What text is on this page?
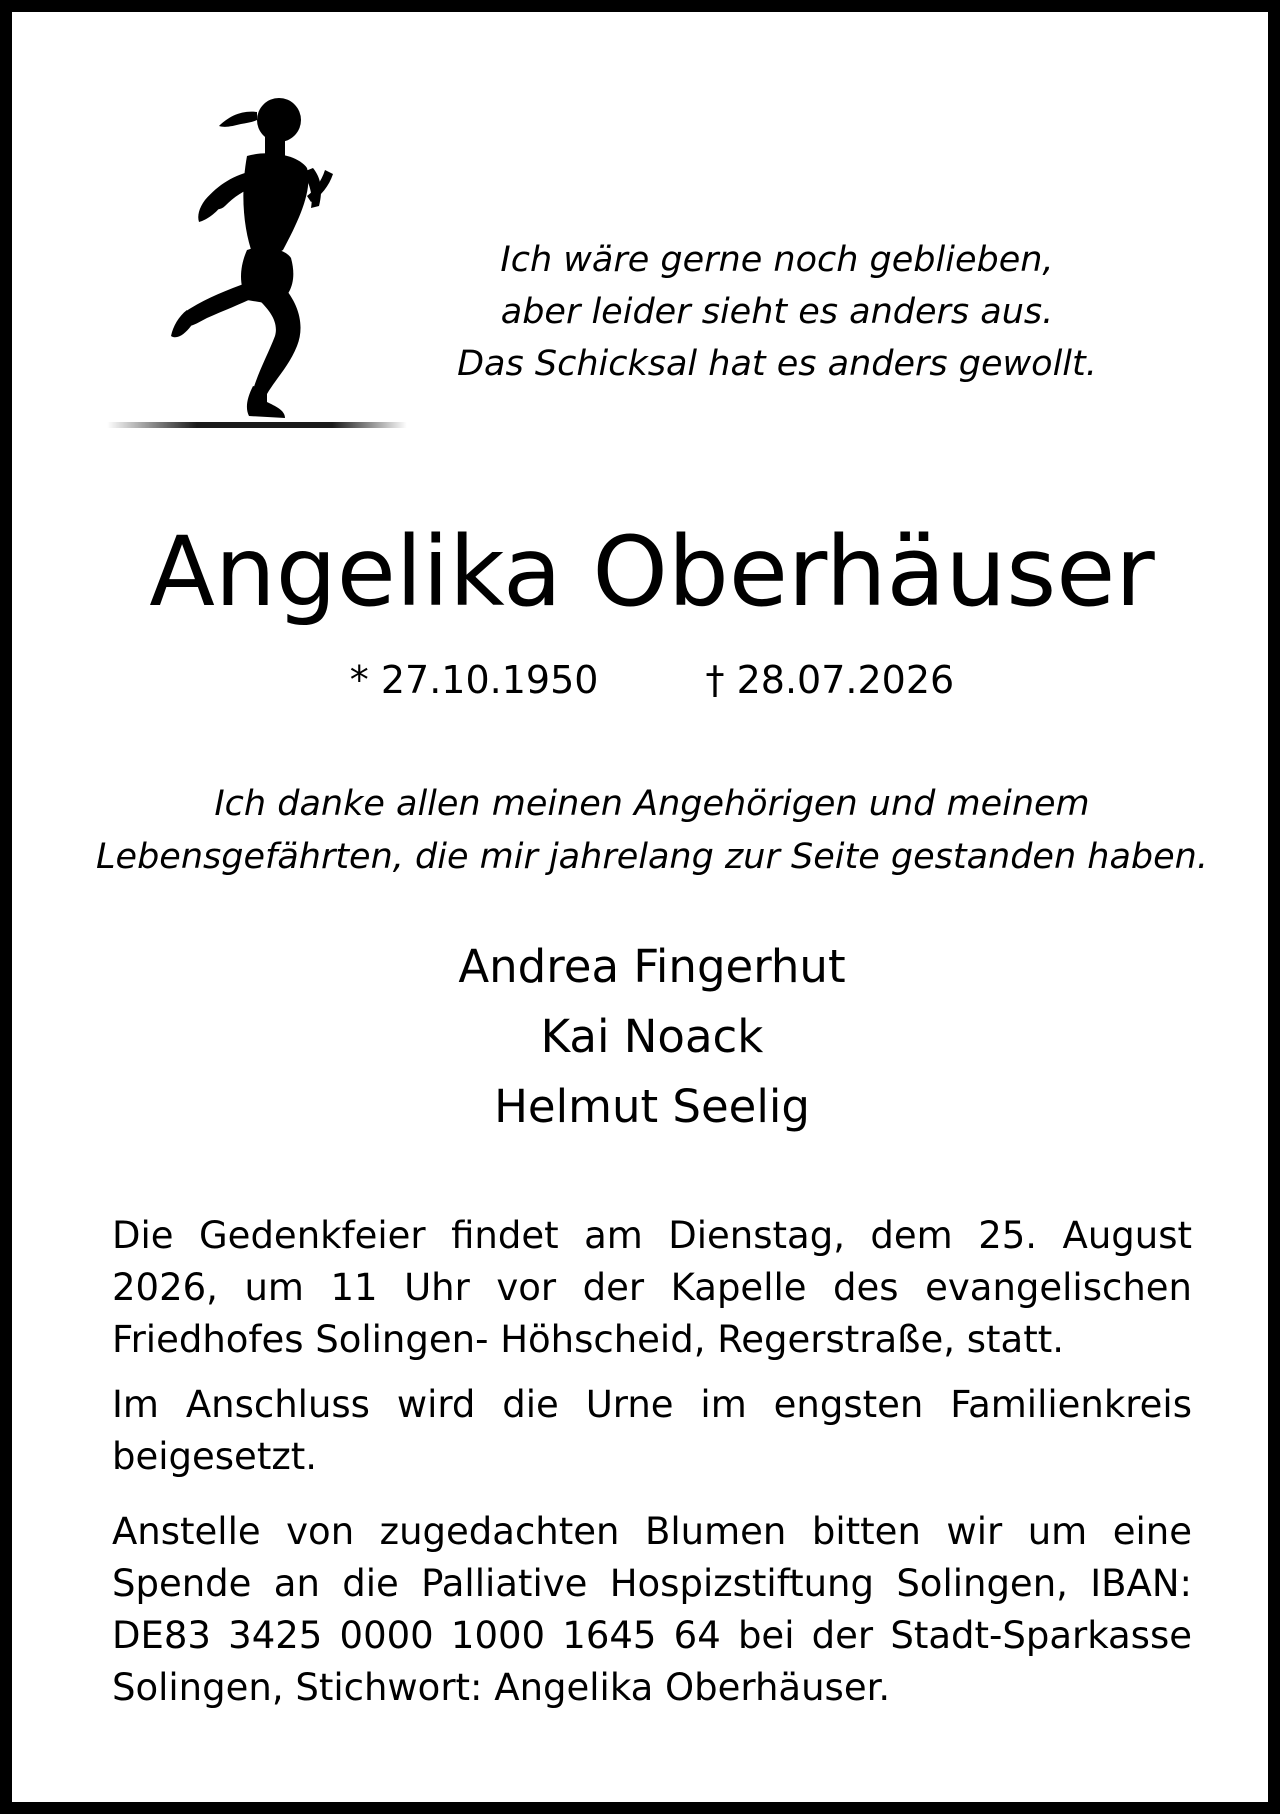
Ich wäre gerne noch geblieben,
aber leider sieht es anders aus.
Das Schicksal hat es anders gewollt.
Angelika Oberhäuser
* 27.10.1950	† 28.07.2026
Ich danke allen meinen Angehörigen und meinem
Lebensgefährten, die mir jahrelang zur Seite gestanden haben.
Andrea Fingerhut
Kai Noack
Helmut Seelig
Die Gedenkfeier findet am Dienstag, dem 25. August 2026, um 11 Uhr vor der Kapelle des evangelischen Friedhofes Solingen- Höhscheid, Regerstraße, statt.
Im Anschluss wird die Urne im engsten Familienkreis beigesetzt.
Anstelle von zugedachten Blumen bitten wir um eine Spende an die Palliative Hospizstiftung Solingen, IBAN: DE83 3425 0000 1000 1645 64 bei der Stadt-Sparkasse Solingen, Stichwort: Angelika Oberhäuser.
